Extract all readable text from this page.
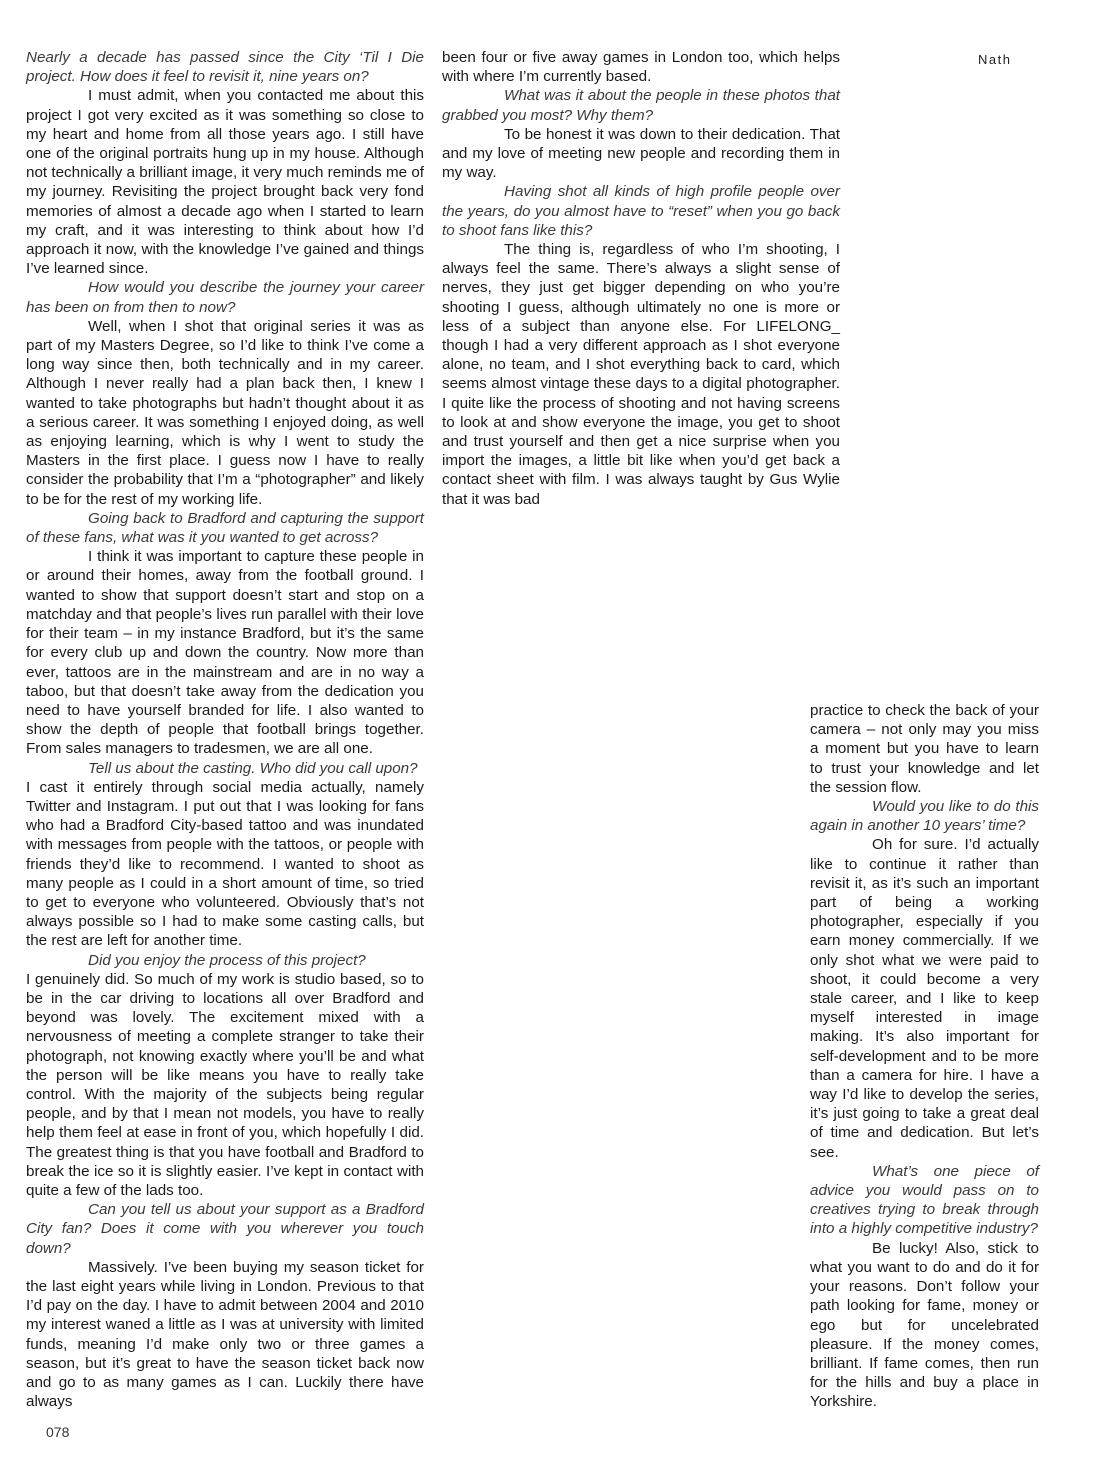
Nath

Nearly a decade has passed since the City ‘Til I Die project. How does it feel to revisit it, nine years on?

I must admit, when you contacted me about this project I got very excited as it was something so close to my heart and home from all those years ago. I still have one of the original portraits hung up in my house. Although not technically a brilliant image, it very much reminds me of my journey. Revisiting the project brought back very fond memories of almost a decade ago when I started to learn my craft, and it was interesting to think about how I’d approach it now, with the knowledge I’ve gained and things I’ve learned since.

How would you describe the journey your career has been on from then to now?

Well, when I shot that original series it was as part of my Masters Degree, so I’d like to think I’ve come a long way since then, both technically and in my career. Although I never really had a plan back then, I knew I wanted to take photographs but hadn’t thought about it as a serious career. It was something I enjoyed doing, as well as enjoying learning, which is why I went to study the Masters in the first place. I guess now I have to really consider the probability that I’m a “photographer” and likely to be for the rest of my working life.

Going back to Bradford and capturing the support of these fans, what was it you wanted to get across?

I think it was important to capture these people in or around their homes, away from the football ground. I wanted to show that support doesn’t start and stop on a matchday and that people’s lives run parallel with their love for their team – in my instance Bradford, but it’s the same for every club up and down the country. Now more than ever, tattoos are in the mainstream and are in no way a taboo, but that doesn’t take away from the dedication you need to have yourself branded for life. I also wanted to show the depth of people that football brings together. From sales managers to tradesmen, we are all one.

Tell us about the casting. Who did you call upon?

I cast it entirely through social media actually, namely Twitter and Instagram. I put out that I was looking for fans who had a Bradford City-based tattoo and was inundated with messages from people with the tattoos, or people with friends they’d like to recommend. I wanted to shoot as many people as I could in a short amount of time, so tried to get to everyone who volunteered. Obviously that’s not always possible so I had to make some casting calls, but the rest are left for another time.

Did you enjoy the process of this project?

I genuinely did. So much of my work is studio based, so to be in the car driving to locations all over Bradford and beyond was lovely. The excitement mixed with a nervousness of meeting a complete stranger to take their photograph, not knowing exactly where you’ll be and what the person will be like means you have to really take control. With the majority of the subjects being regular people, and by that I mean not models, you have to really help them feel at ease in front of you, which hopefully I did. The greatest thing is that you have football and Bradford to break the ice so it is slightly easier. I’ve kept in contact with quite a few of the lads too.

Can you tell us about your support as a Bradford City fan? Does it come with you wherever you touch down?

Massively. I’ve been buying my season ticket for the last eight years while living in London. Previous to that I’d pay on the day. I have to admit between 2004 and 2010 my interest waned a little as I was at university with limited funds, meaning I’d make only two or three games a season, but it’s great to have the season ticket back now and go to as many games as I can. Luckily there have always

been four or five away games in London too, which helps with where I’m currently based.

What was it about the people in these photos that grabbed you most? Why them?

To be honest it was down to their dedication. That and my love of meeting new people and recording them in my way.

Having shot all kinds of high profile people over the years, do you almost have to “reset” when you go back to shoot fans like this?

The thing is, regardless of who I’m shooting, I always feel the same. There’s always a slight sense of nerves, they just get bigger depending on who you’re shooting I guess, although ultimately no one is more or less of a subject than anyone else. For LIFELONG_ though I had a very different approach as I shot everyone alone, no team, and I shot everything back to card, which seems almost vintage these days to a digital photographer. I quite like the process of shooting and not having screens to look at and show everyone the image, you get to shoot and trust yourself and then get a nice surprise when you import the images, a little bit like when you’d get back a contact sheet with film. I was always taught by Gus Wylie that it was bad

practice to check the back of your camera – not only may you miss a moment but you have to learn to trust your knowledge and let the session flow.

Would you like to do this again in another 10 years’ time?

Oh for sure. I’d actually like to continue it rather than revisit it, as it’s such an important part of being a working photographer, especially if you earn money commercially. If we only shot what we were paid to shoot, it could become a very stale career, and I like to keep myself interested in image making. It’s also important for self-development and to be more than a camera for hire. I have a way I’d like to develop the series, it’s just going to take a great deal of time and dedication. But let’s see.

What’s one piece of advice you would pass on to creatives trying to break through into a highly competitive industry?

Be lucky! Also, stick to what you want to do and do it for your reasons. Don’t follow your path looking for fame, money or ego but for uncelebrated pleasure. If the money comes, brilliant. If fame comes, then run for the hills and buy a place in Yorkshire.

078
